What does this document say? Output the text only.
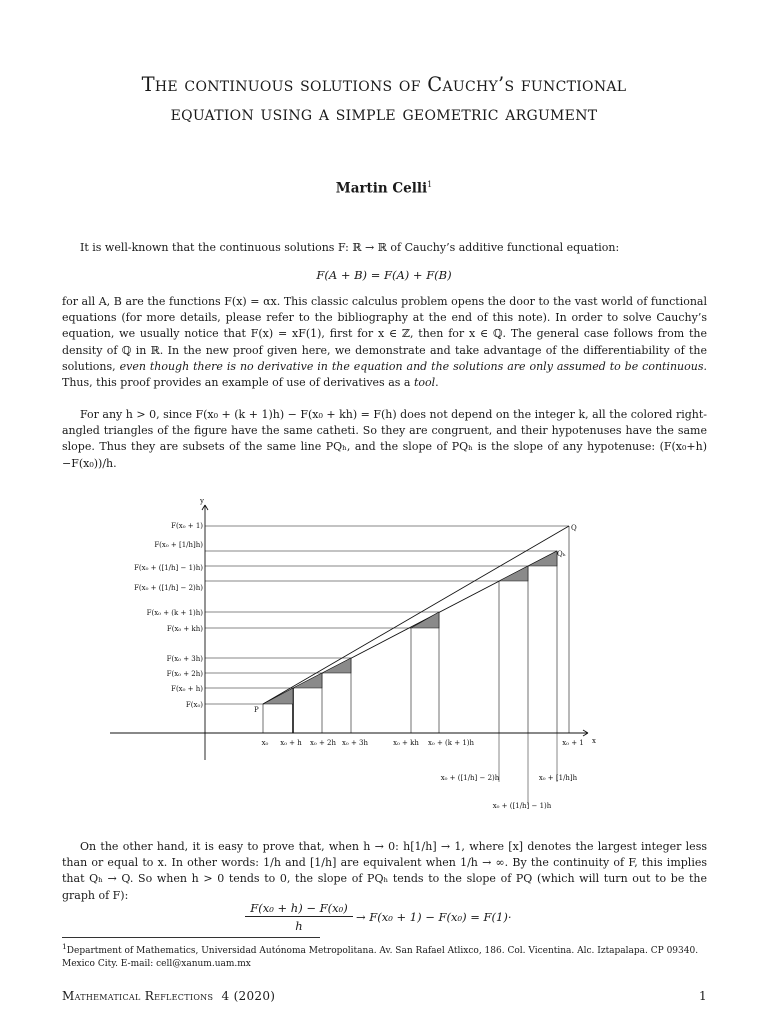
The continuous solutions of Cauchy’s functional
equation using a simple geometric argument
Martin Celli$^1$

It is well-known that the continuous solutions F: ℝ → ℝ of Cauchy’s additive functional equation:

F(A + B) = F(A) + F(B)

for all A, B are the functions F(x) = αx. This classic calculus problem opens the door to the vast world of functional equations (for more details, please refer to the bibliography at the end of this note). In order to solve Cauchy’s equation, we usually notice that F(x) = xF(1), first for x ∈ ℤ, then for x ∈ ℚ. The general case follows from the density of ℚ in ℝ. In the new proof given here, we demonstrate and take advantage of the differentiability of the solutions, even though there is no derivative in the equation and the solutions are only assumed to be continuous. Thus, this proof provides an example of use of derivatives as a tool.

For any h > 0, since F(x₀ + (k + 1)h) − F(x₀ + kh) = F(h) does not depend on the integer k, all the colored right-angled triangles of the figure have the same catheti. So they are congruent, and their hypotenuses have the same slope. Thus they are subsets of the same line PQₕ, and the slope of PQₕ is the slope of any hypotenuse: (F(x₀+h)−F(x₀))/h.

x
y
P
Q
Qₕ
F(x₀ + 1)
F(x₀ + [1/h]h)
F(x₀ + ([1/h] − 1)h)
F(x₀ + ([1/h] − 2)h)
F(x₀ + (k + 1)h)
F(x₀ + kh)
F(x₀ + 3h)
F(x₀ + 2h)
F(x₀ + h)
F(x₀)
x₀ x₀ + h x₀ + 2h x₀ + 3h	x₀ + kh x₀ + (k + 1)h	x₀ + 1
x₀ + ([1/h] − 2)h	x₀ + [1/h]h
x₀ + ([1/h] − 1)h

On the other hand, it is easy to prove that, when h → 0: h[1/h] → 1, where [x] denotes the largest integer less than or equal to x. In other words: 1/h and [1/h] are equivalent when 1/h → ∞. By the continuity of F, this implies that Qₕ → Q. So when h > 0 tends to 0, the slope of PQₕ tends to the slope of PQ (which will turn out to be the graph of F):

$\frac{\text{F(x₀ + h) − F(x₀)}}{h} \to F(x_0 + 1) - F(x_0) = F(1)\cdot$

$^1$Department of Mathematics, Universidad Autónoma Metropolitana. Av. San Rafael Atlixco, 186. Col. Vicentina. Alc. Iztapalapa. CP 09340. Mexico City. E-mail: cell@xanum.uam.mx

Mathematical Reflections 4 (2020)	1
